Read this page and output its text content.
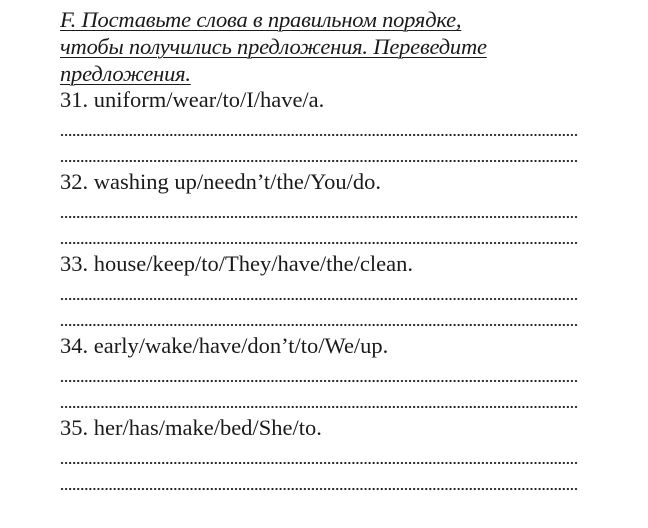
F. Поставьте слова в правильном порядке,
чтобы получились предложения. Переведите
предложения.

31. uniform/wear/to/I/have/a.

32. washing up/needn’t/the/You/do.

33. house/keep/to/They/have/the/clean.

34. early/wake/have/don’t/to/We/up.

35. her/has/make/bed/She/to.
